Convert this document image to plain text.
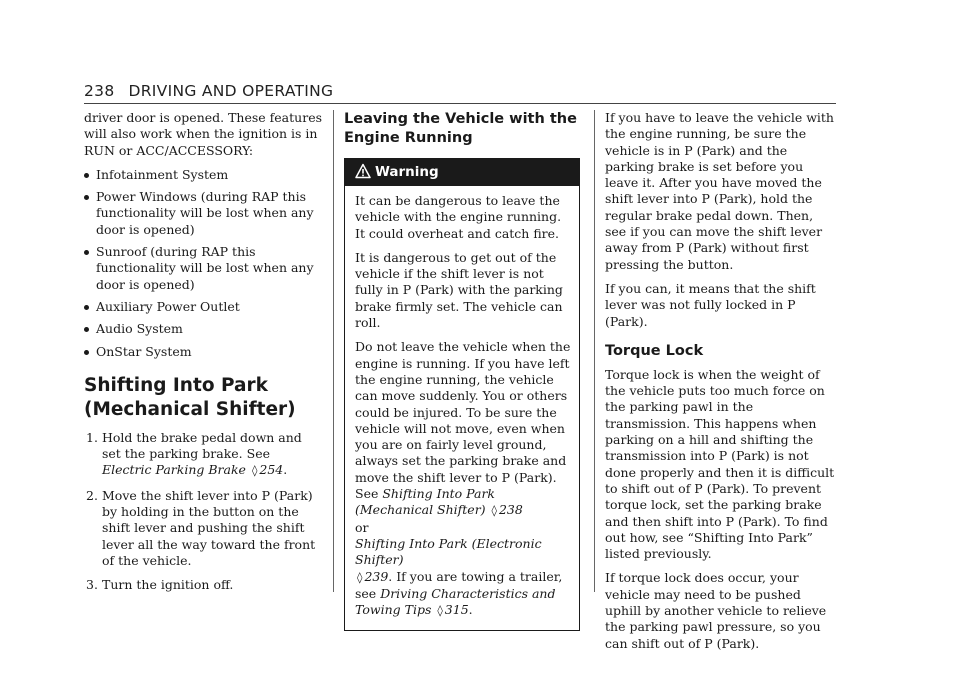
238 DRIVING AND OPERATING

driver door is opened. These features will also work when the ignition is in RUN or ACC/ACCESSORY:

Infotainment System
Power Windows (during RAP this functionality will be lost when any door is opened)
Sunroof (during RAP this functionality will be lost when any door is opened)
Auxiliary Power Outlet
Audio System
OnStar System
Shifting Into Park
(Mechanical Shifter)
1. Hold the brake pedal down and set the parking brake. See Electric Parking Brake ◊ 254.
2. Move the shift lever into P (Park) by holding in the button on the shift lever and pushing the shift lever all the way toward the front of the vehicle.
3. Turn the ignition off.
Leaving the Vehicle with the Engine Running
Warning

It can be dangerous to leave the vehicle with the engine running. It could overheat and catch fire.

It is dangerous to get out of the vehicle if the shift lever is not fully in P (Park) with the parking brake firmly set. The vehicle can roll.

Do not leave the vehicle when the engine is running. If you have left the engine running, the vehicle can move suddenly. You or others could be injured. To be sure the vehicle will not move, even when you are on fairly level ground, always set the parking brake and move the shift lever to P (Park). See Shifting Into Park (Mechanical Shifter) ◊ 238
or
Shifting Into Park (Electronic Shifter)
◊ 239. If you are towing a trailer, see Driving Characteristics and Towing Tips ◊ 315.

If you have to leave the vehicle with the engine running, be sure the vehicle is in P (Park) and the parking brake is set before you leave it. After you have moved the shift lever into P (Park), hold the regular brake pedal down. Then, see if you can move the shift lever away from P (Park) without first pressing the button.

If you can, it means that the shift lever was not fully locked in P (Park).

Torque Lock

Torque lock is when the weight of the vehicle puts too much force on the parking pawl in the transmission. This happens when parking on a hill and shifting the transmission into P (Park) is not done properly and then it is difficult to shift out of P (Park). To prevent torque lock, set the parking brake and then shift into P (Park). To find out how, see “Shifting Into Park” listed previously.

If torque lock does occur, your vehicle may need to be pushed uphill by another vehicle to relieve the parking pawl pressure, so you can shift out of P (Park).
